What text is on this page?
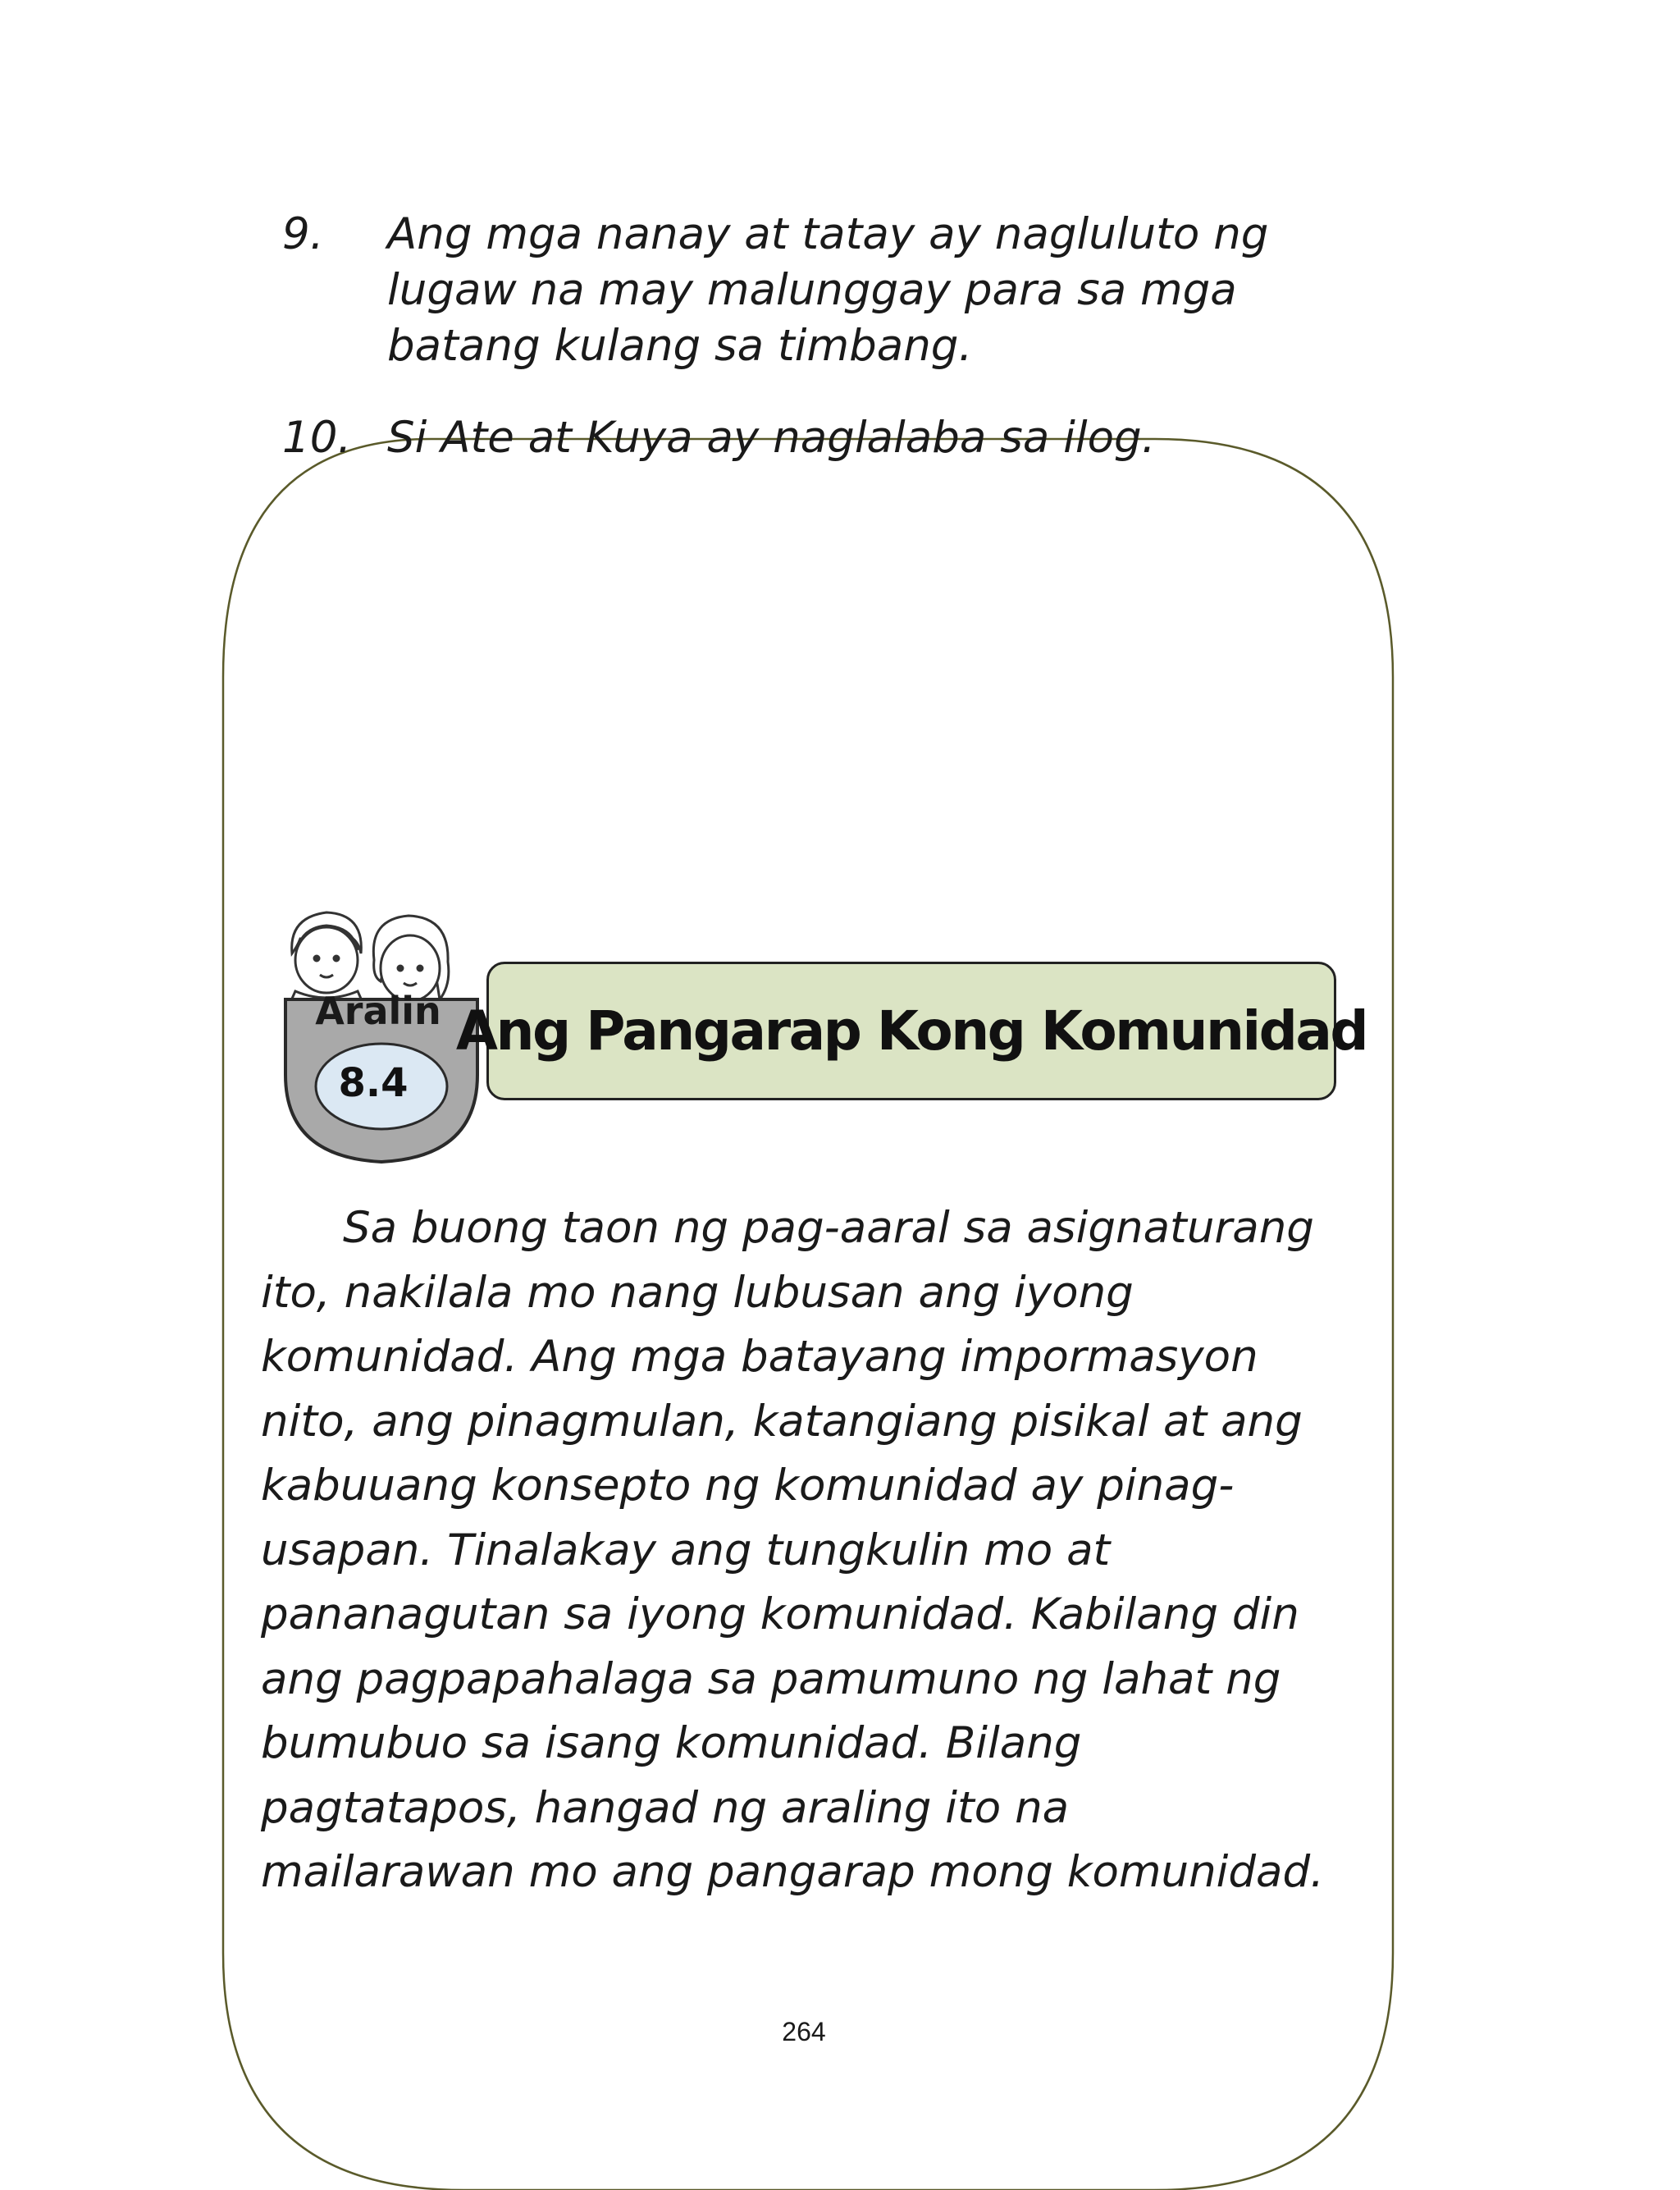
9. Ang mga nanay at tatay ay nagluluto ng
lugaw na may malunggay para sa mga
batang kulang sa timbang.
10. Si Ate at Kuya ay naglalaba sa ilog.
Aralin
8.4
Ang Pangarap Kong Komunidad
Sa buong taon ng pag-aaral sa asignaturang
ito, nakilala mo nang lubusan ang iyong
komunidad. Ang mga batayang impormasyon
nito, ang pinagmulan, katangiang pisikal at ang
kabuuang konsepto ng komunidad ay pinag-
usapan. Tinalakay ang tungkulin mo at
pananagutan sa iyong komunidad. Kabilang din
ang pagpapahalaga sa pamumuno ng lahat ng
bumubuo sa isang komunidad. Bilang
pagtatapos, hangad ng araling ito na
mailarawan mo ang pangarap mong komunidad.
264
